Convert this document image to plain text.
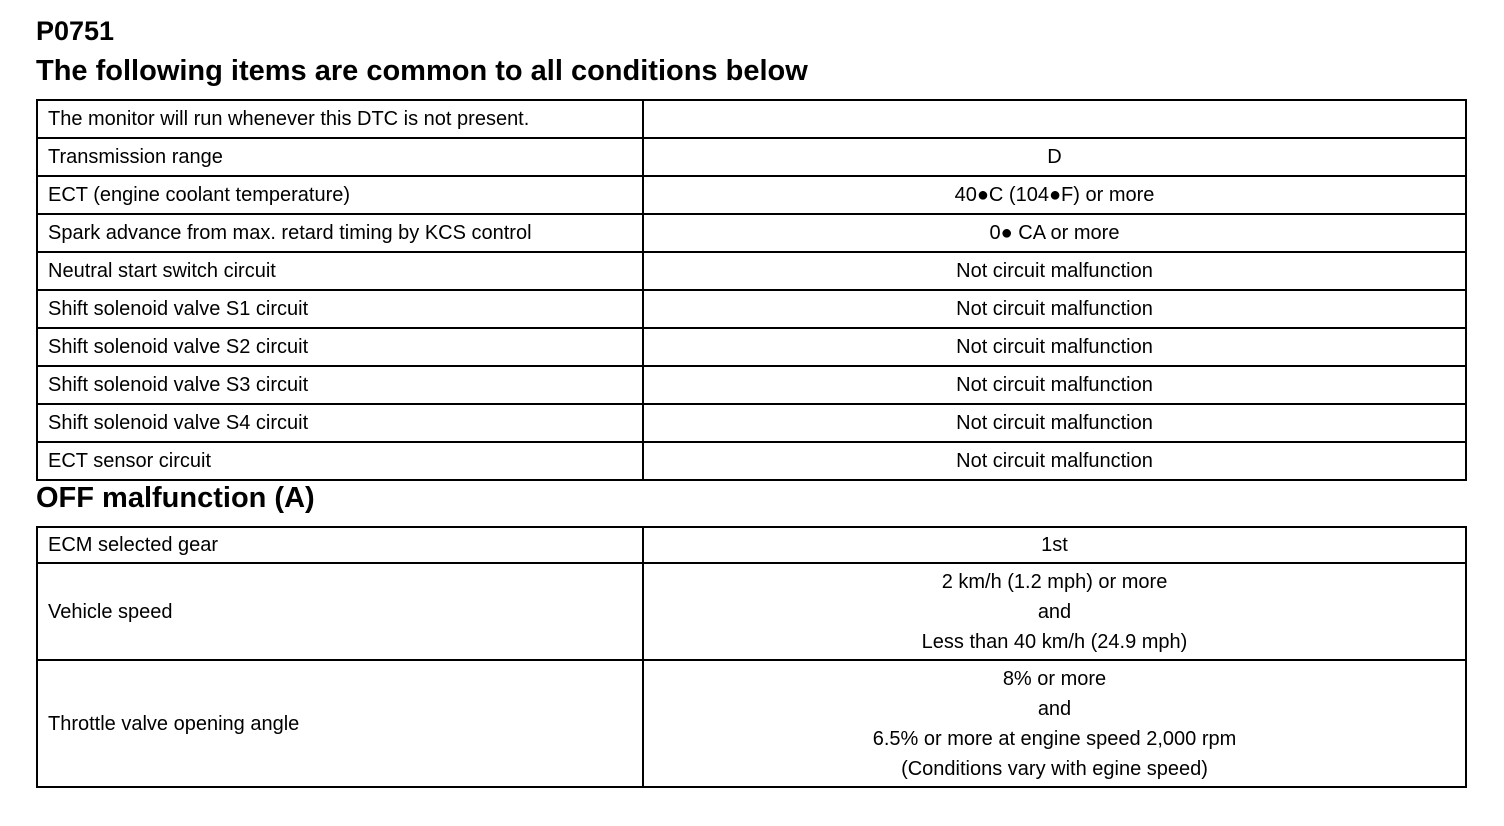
P0751
The following items are common to all conditions below
The monitor will run whenever this DTC is not present.	
Transmission range	D
ECT (engine coolant temperature)	40●C (104●F) or more
Spark advance from max. retard timing by KCS control	0● CA or more
Neutral start switch circuit	Not circuit malfunction
Shift solenoid valve S1 circuit	Not circuit malfunction
Shift solenoid valve S2 circuit	Not circuit malfunction
Shift solenoid valve S3 circuit	Not circuit malfunction
Shift solenoid valve S4 circuit	Not circuit malfunction
ECT sensor circuit	Not circuit malfunction
OFF malfunction (A)
ECM selected gear	1st

Vehicle speed	2 km/h (1.2 mph) or more
and
Less than 40 km/h (24.9 mph)

Throttle valve opening angle	8% or more
and
6.5% or more at engine speed 2,000 rpm
(Conditions vary with egine speed)
